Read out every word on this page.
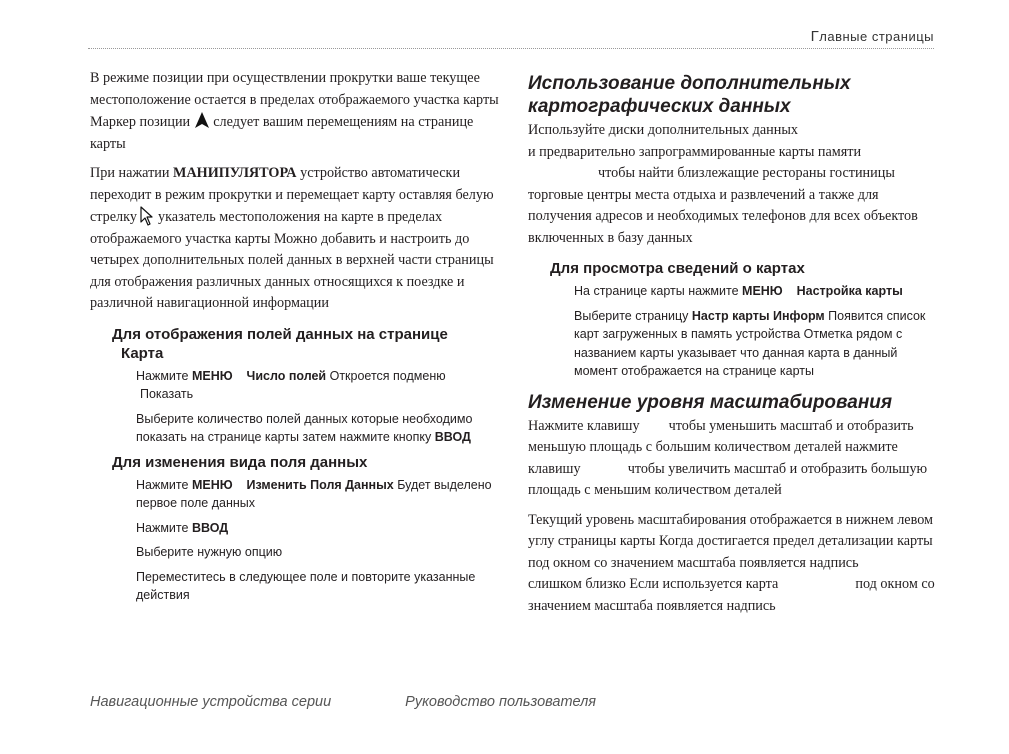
Главные страницы

В режиме позиции при осуществлении прокрутки ваше текущее местоположение остается в пределах отображаемого участка карты Маркер позиции следует вашим перемещениям на странице карты

При нажатии МАНИПУЛЯТОРА устройство автоматически переходит в режим прокрутки и перемещает карту оставляя белую стрелку указатель местоположения на карте в пределах отображаемого участка карты Можно добавить и настроить до четырех дополнительных полей данных в верхней части страницы для отображения различных данных относящихся к поездке и различной навигационной информации

Для отображения полей данных на странице
Карта
Нажмите МЕНЮ Число полей Откроется подменю
Показать
Выберите количество полей данных которые необходимо показать на странице карты затем нажмите кнопку ВВОД
Для изменения вида поля данных
Нажмите МЕНЮ Изменить Поля Данных Будет выделено первое поле данных
Нажмите ВВОД
Выберите нужную опцию
Переместитесь в следующее поле и повторите указанные действия
Использование дополнительных картографических данных

Используйте диски дополнительных данных
и предварительно запрограммированные карты памяти
чтобы найти близлежащие рестораны гостиницы торговые центры места отдыха и развлечений а также для получения адресов и необходимых телефонов для всех объектов включенных в базу данных

Для просмотра сведений о картах
На странице карты нажмите МЕНЮ Настройка карты
Выберите страницу Настр карты Информ Появится список карт загруженных в память устройства Отметка рядом с названием карты указывает что данная карта в данный момент отображается на странице карты
Изменение уровня масштабирования

Нажмите клавишу чтобы уменьшить масштаб и отобразить меньшую площадь с большим количеством деталей нажмите клавишу	чтобы увеличить масштаб и отобразить большую площадь с меньшим количеством деталей

Текущий уровень масштабирования отображается в нижнем левом углу страницы карты Когда достигается предел детализации карты под окном со значением масштаба появляется надпись  слишком близко Если используется карта	под окном со значением масштаба появляется надпись

Навигационные устройства серии	Руководство пользователя
